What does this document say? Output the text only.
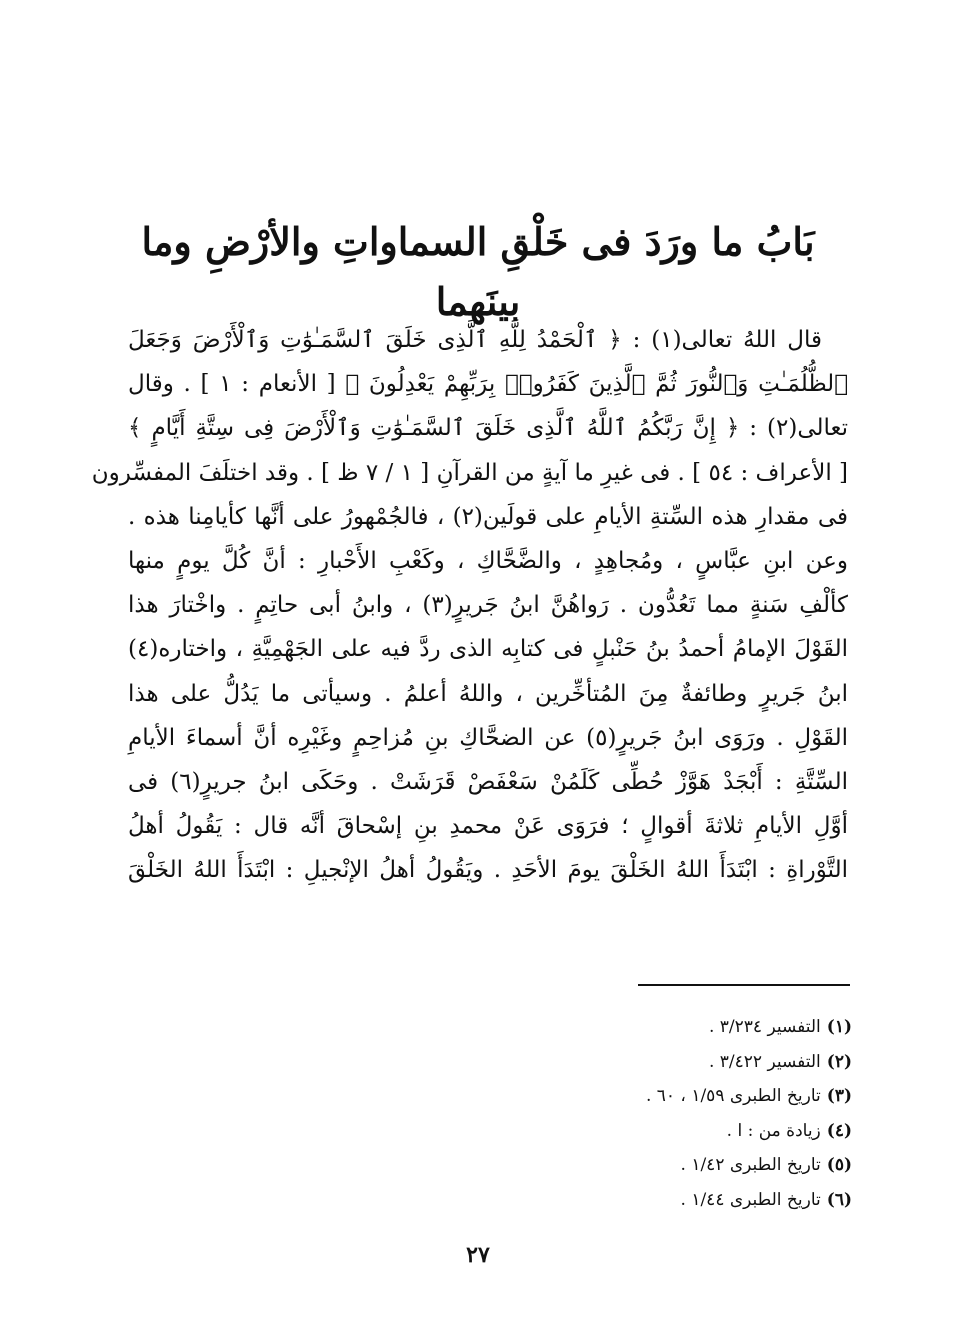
بَابُ ما ورَدَ فى خَلْقِ السماواتِ والأرْضِ وما بينَهما
قال اللهُ تعالى(١) : ﴿ ٱلْحَمْدُ لِلَّهِ ٱلَّذِى خَلَقَ ٱلسَّمَـٰوَٰتِ وَٱلْأَرْضَ وَجَعَلَ
ٱلظُّلُمَـٰتِ وَٱلنُّورَ ثُمَّ ٱلَّذِينَ كَفَرُوا۟ بِرَبِّهِمْ يَعْدِلُونَ ﴾ [ الأنعام : ١ ] . وقال
تعالى(٢) : ﴿ إِنَّ رَبَّكُمُ ٱللَّهُ ٱلَّذِى خَلَقَ ٱلسَّمَـٰوَٰتِ وَٱلْأَرْضَ فِى سِتَّةِ أَيَّامٍ ﴾
[ الأعراف : ٥٤ ] . فى غيرِ ما آيةٍ من القرآنِ [ ١ / ٧ ظ ] . وقد اختلَفَ المفسِّرون
فى مقدارِ هذه السِّتةِ الأيامِ على قولَين(٢) ، فالجُمْهورُ على أنَّها كأيامِنا هذه .
وعن ابنِ عبَّاسٍ ، ومُجاهِدٍ ، والضَّحَّاكِ ، وكَعْبِ الأَحْبارِ : أنَّ كُلَّ يومٍ منها
كألْفِ سَنةٍ مما تَعُدُّون . رَواهُنَّ ابنُ جَريرٍ(٣) ، وابنُ أبى حاتِمٍ . واخْتارَ هذا
القَوْلَ الإمامُ أحمدُ بنُ حَنْبلٍ فى كتابِه الذى ردَّ فيه على الجَهْمِيَّةِ ، واختاره(٤)
ابنُ جَريرٍ وطائفةٌ مِنَ المُتأخِّرين ، واللهُ أعلمُ . وسيأتى ما يَدُلُّ على هذا
القَوْلِ . ورَوَى ابنُ جَريرٍ(٥) عن الضحَّاكِ بنِ مُزاحِمٍ وغَيْرِه أنَّ أسماءَ الأيامِ
السِّتَّةِ : أَبْجَدْ هَوَّزْ حُطِّى كَلَمُنْ سَعْفَصْ قَرَشَتْ . وحَكَى ابنُ جريرٍ(٦) فى
أوَّلِ الأيامِ ثلاثةَ أقوالٍ ؛ فرَوَى عَنْ محمدِ بنِ إسْحاقَ أنَّه قال : يَقُولُ أهلُ
التَّوْراةِ : ابْتَدَأَ اللهُ الخَلْقَ يومَ الأحَدِ . ويَقُولُ أهلُ الإنْجيلِ : ابْتَدَأَ اللهُ الخَلْقَ
(١)التفسير ٣/٢٣٤ .
(٢)التفسير ٣/٤٢٢ .
(٣)تاريخ الطبرى ١/٥٩ ، ٦٠ .
(٤)زيادة من : ا .
(٥)تاريخ الطبرى ١/٤٢ .
(٦)تاريخ الطبرى ١/٤٤ .
٢٧
